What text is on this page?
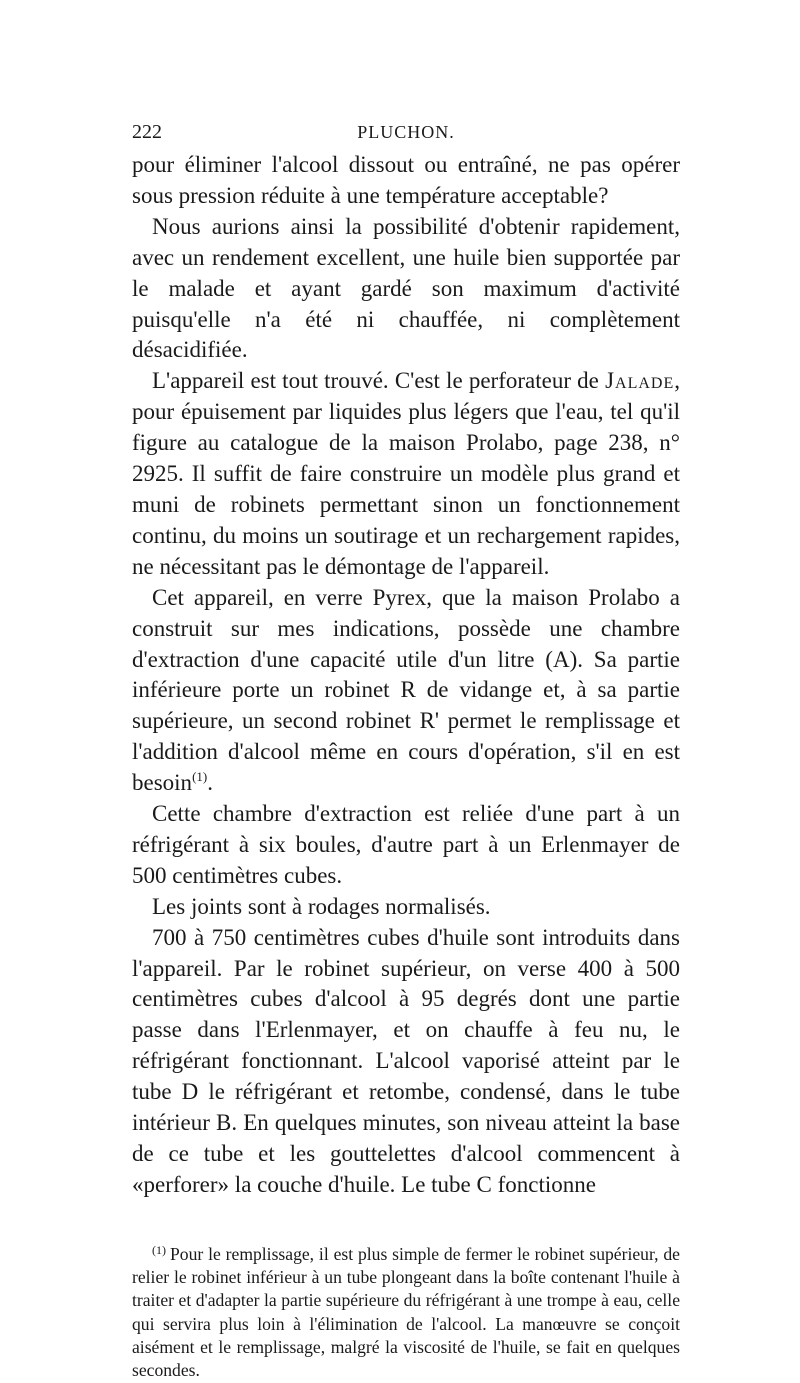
222	PLUCHON.

pour éliminer l'alcool dissout ou entraîné, ne pas opérer sous pression réduite à une température acceptable?

Nous aurions ainsi la possibilité d'obtenir rapidement, avec un rendement excellent, une huile bien supportée par le malade et ayant gardé son maximum d'activité puisqu'elle n'a été ni chauffée, ni complètement désacidifiée.

L'appareil est tout trouvé. C'est le perforateur de Jalade, pour épuisement par liquides plus légers que l'eau, tel qu'il figure au catalogue de la maison Prolabo, page 238, n° 2925. Il suffit de faire construire un modèle plus grand et muni de robinets permettant sinon un fonctionnement continu, du moins un soutirage et un rechargement rapides, ne nécessitant pas le démontage de l'appareil.

Cet appareil, en verre Pyrex, que la maison Prolabo a construit sur mes indications, possède une chambre d'extraction d'une capacité utile d'un litre (A). Sa partie inférieure porte un robinet R de vidange et, à sa partie supérieure, un second robinet R' permet le remplissage et l'addition d'alcool même en cours d'opération, s'il en est besoin$^{(1)}$.

Cette chambre d'extraction est reliée d'une part à un réfrigérant à six boules, d'autre part à un Erlenmayer de 500 centimètres cubes.

Les joints sont à rodages normalisés.

700 à 750 centimètres cubes d'huile sont introduits dans l'appareil. Par le robinet supérieur, on verse 400 à 500 centimètres cubes d'alcool à 95 degrés dont une partie passe dans l'Erlenmayer, et on chauffe à feu nu, le réfrigérant fonctionnant. L'alcool vaporisé atteint par le tube D le réfrigérant et retombe, condensé, dans le tube intérieur B. En quelques minutes, son niveau atteint la base de ce tube et les gouttelettes d'alcool commencent à «perforer» la couche d'huile. Le tube C fonctionne

$^{(1)}$ Pour le remplissage, il est plus simple de fermer le robinet supérieur, de relier le robinet inférieur à un tube plongeant dans la boîte contenant l'huile à traiter et d'adapter la partie supérieure du réfrigérant à une trompe à eau, celle qui servira plus loin à l'élimination de l'alcool. La manœuvre se conçoit aisément et le remplissage, malgré la viscosité de l'huile, se fait en quelques secondes.
